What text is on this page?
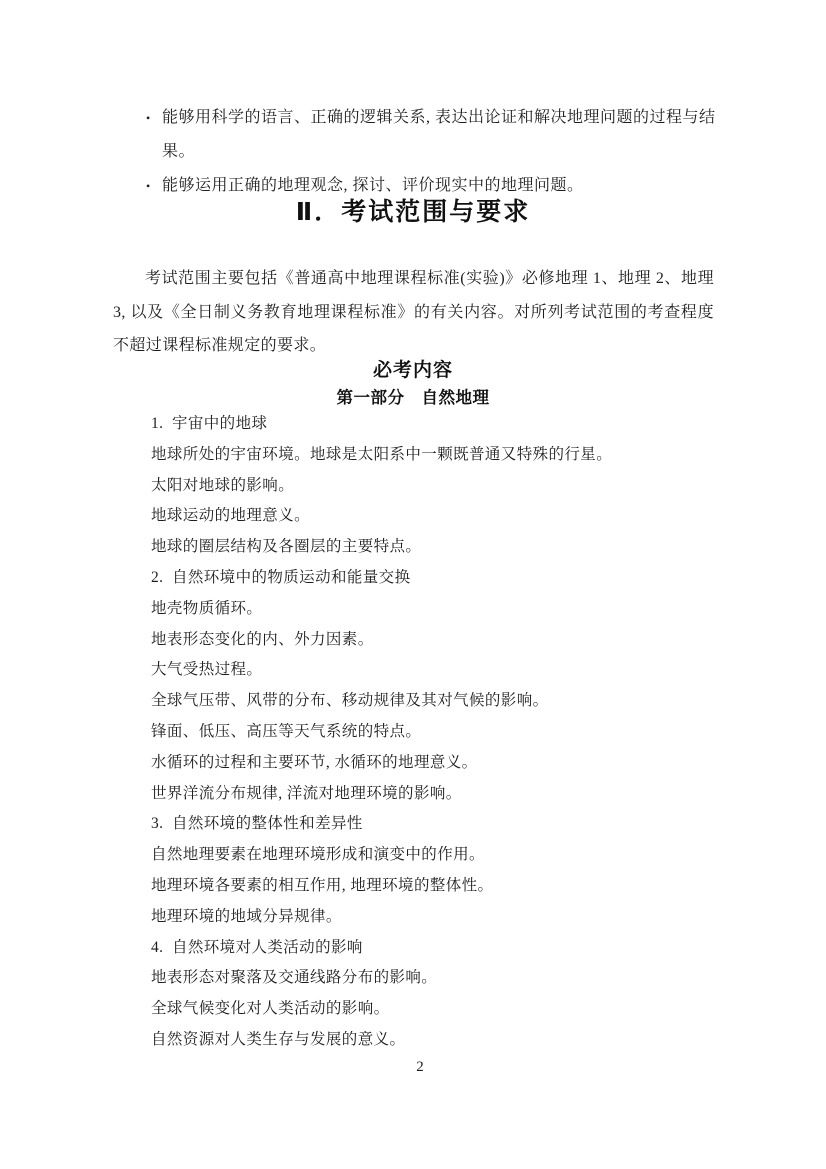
• 能够用科学的语言、正确的逻辑关系, 表达出论证和解决地理问题的过程与结果。
• 能够运用正确的地理观念, 探讨、评价现实中的地理问题。
Ⅱ．考试范围与要求
考试范围主要包括《普通高中地理课程标准(实验)》必修地理 1、地理 2、地理 3, 以及《全日制义务教育地理课程标准》的有关内容。对所列考试范围的考查程度不超过课程标准规定的要求。
必考内容
第一部分　自然地理
1.  宇宙中的地球
地球所处的宇宙环境。地球是太阳系中一颗既普通又特殊的行星。
太阳对地球的影响。
地球运动的地理意义。
地球的圈层结构及各圈层的主要特点。
2.  自然环境中的物质运动和能量交换
地壳物质循环。
地表形态变化的内、外力因素。
大气受热过程。
全球气压带、风带的分布、移动规律及其对气候的影响。
锋面、低压、高压等天气系统的特点。
水循环的过程和主要环节, 水循环的地理意义。
世界洋流分布规律, 洋流对地理环境的影响。
3.  自然环境的整体性和差异性
自然地理要素在地理环境形成和演变中的作用。
地理环境各要素的相互作用, 地理环境的整体性。
地理环境的地域分异规律。
4.  自然环境对人类活动的影响
地表形态对聚落及交通线路分布的影响。
全球气候变化对人类活动的影响。
自然资源对人类生存与发展的意义。
2
